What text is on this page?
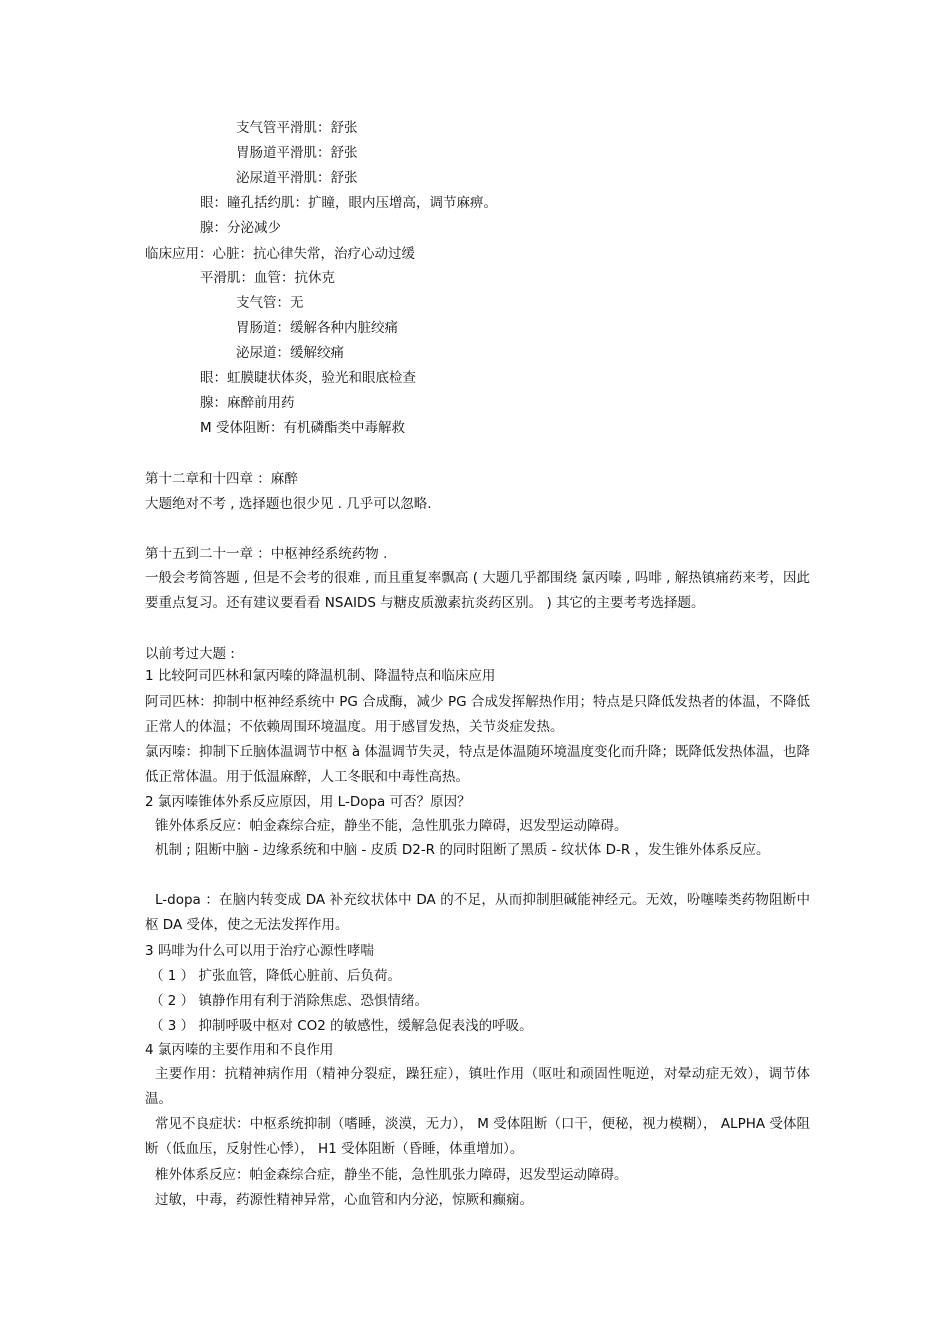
支气管平滑肌：舒张
胃肠道平滑肌：舒张
泌尿道平滑肌：舒张
眼：瞳孔括约肌：扩瞳，眼内压增高，调节麻痹。
腺：分泌减少
临床应用：心脏：抗心律失常，治疗心动过缓
平滑肌：血管：抗休克
支气管：无
胃肠道：缓解各种内脏绞痛
泌尿道：缓解绞痛
眼：虹膜睫状体炎，验光和眼底检查
腺：麻醉前用药
M 受体阻断：有机磷酯类中毒解救
第十二章和十四章 ：麻醉
大题绝对不考 , 选择题也很少见 . 几乎可以忽略.
第十五到二十一章 ：中枢神经系统药物 .
一般会考简答题 , 但是不会考的很难 , 而且重复率飘高 ( 大题几乎都围绕 氯丙嗪 , 吗啡 , 解热镇痛药来考，因此要重点复习。还有建议要看看 NSAIDS 与糖皮质激素抗炎药区别。 ) 其它的主要考考选择题。
以前考过大题 :
1 比较阿司匹林和氯丙嗪的降温机制、降温特点和临床应用
阿司匹林：抑制中枢神经系统中 PG 合成酶，减少 PG 合成发挥解热作用；特点是只降低发热者的体温，不降低正常人的体温；不依赖周围环境温度。用于感冒发热，关节炎症发热。
氯丙嗪：抑制下丘脑体温调节中枢 à 体温调节失灵，特点是体温随环境温度变化而升降；既降低发热体温，也降低正常体温。用于低温麻醉，人工冬眠和中毒性高热。
2 氯丙嗪锥体外系反应原因，用 L-Dopa 可否？原因？
锥外体系反应：帕金森综合症，静坐不能，急性肌张力障碍，迟发型运动障碍。
机制 ; 阻断中脑 - 边缘系统和中脑 - 皮质 D2-R 的同时阻断了黑质 - 纹状体 D-R ，发生锥外体系反应。
L-dopa ：在脑内转变成 DA 补充纹状体中 DA 的不足，从而抑制胆碱能神经元。无效，吩噻嗪类药物阻断中枢 DA 受体，使之无法发挥作用。
3 吗啡为什么可以用于治疗心源性哮喘
（ 1 ） 扩张血管，降低心脏前、后负荷。
（ 2 ） 镇静作用有利于消除焦虑、恐惧情绪。
（ 3 ） 抑制呼吸中枢对 CO2 的敏感性，缓解急促表浅的呼吸。
4 氯丙嗪的主要作用和不良作用
主要作用：抗精神病作用（精神分裂症，躁狂症），镇吐作用（呕吐和顽固性呃逆，对晕动症无效），调节体温。
常见不良症状：中枢系统抑制（嗜睡，淡漠，无力）， M 受体阻断（口干，便秘，视力模糊）， ALPHA 受体阻断（低血压，反射性心悸）， H1 受体阻断（昏睡，体重增加）。
椎外体系反应：帕金森综合症，静坐不能，急性肌张力障碍，迟发型运动障碍。
过敏，中毒，药源性精神异常，心血管和内分泌，惊厥和癫痫。
